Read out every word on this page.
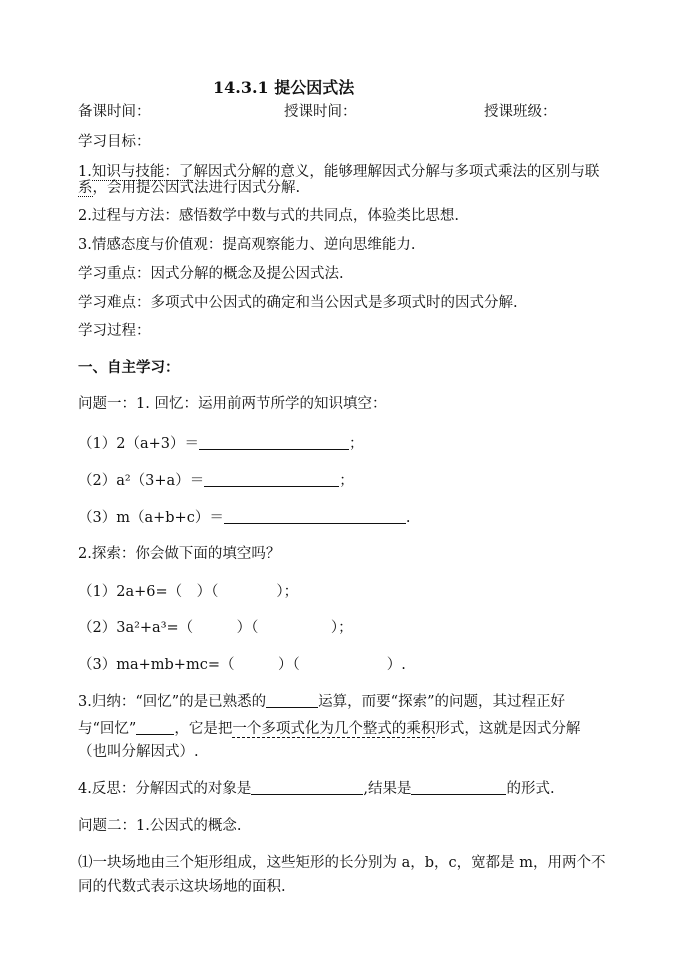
14.3.1 提公因式法
备课时间：	授课时间：	授课班级：
学习目标：
1.知识与技能：了解因式分解的意义，能够理解因式分解与多项式乘法的区别与联
系，会用提公因式法进行因式分解.
2.过程与方法：感悟数学中数与式的共同点，体验类比思想.
3.情感态度与价值观：提高观察能力、逆向思维能力.
学习重点：因式分解的概念及提公因式法.
学习难点：多项式中公因式的确定和当公因式是多项式时的因式分解.
学习过程：
一、自主学习：
问题一：1. 回忆：运用前两节所学的知识填空：
（1）2（a+3）＝	；
（2）a²（3+a）＝	；
（3）m（a+b+c）＝	.
2.探索：你会做下面的填空吗？
（1）2a+6=（　）（　　　　）；
（2）3a²+a³=（　　　）（　　　　　）；
（3）ma+mb+mc=（　　　）（　　　　　　）.
3.归纳：“回忆”的是已熟悉的	运算，而要“探索”的问题，其过程正好
与“回忆”	，它是把一个多项式化为几个整式的乘积形式，这就是因式分解
（也叫分解因式）.
4.反思：分解因式的对象是	,结果是	的形式.
问题二：1.公因式的概念.
⑴一块场地由三个矩形组成，这些矩形的长分别为 a，b，c，宽都是 m，用两个不
同的代数式表示这块场地的面积.
